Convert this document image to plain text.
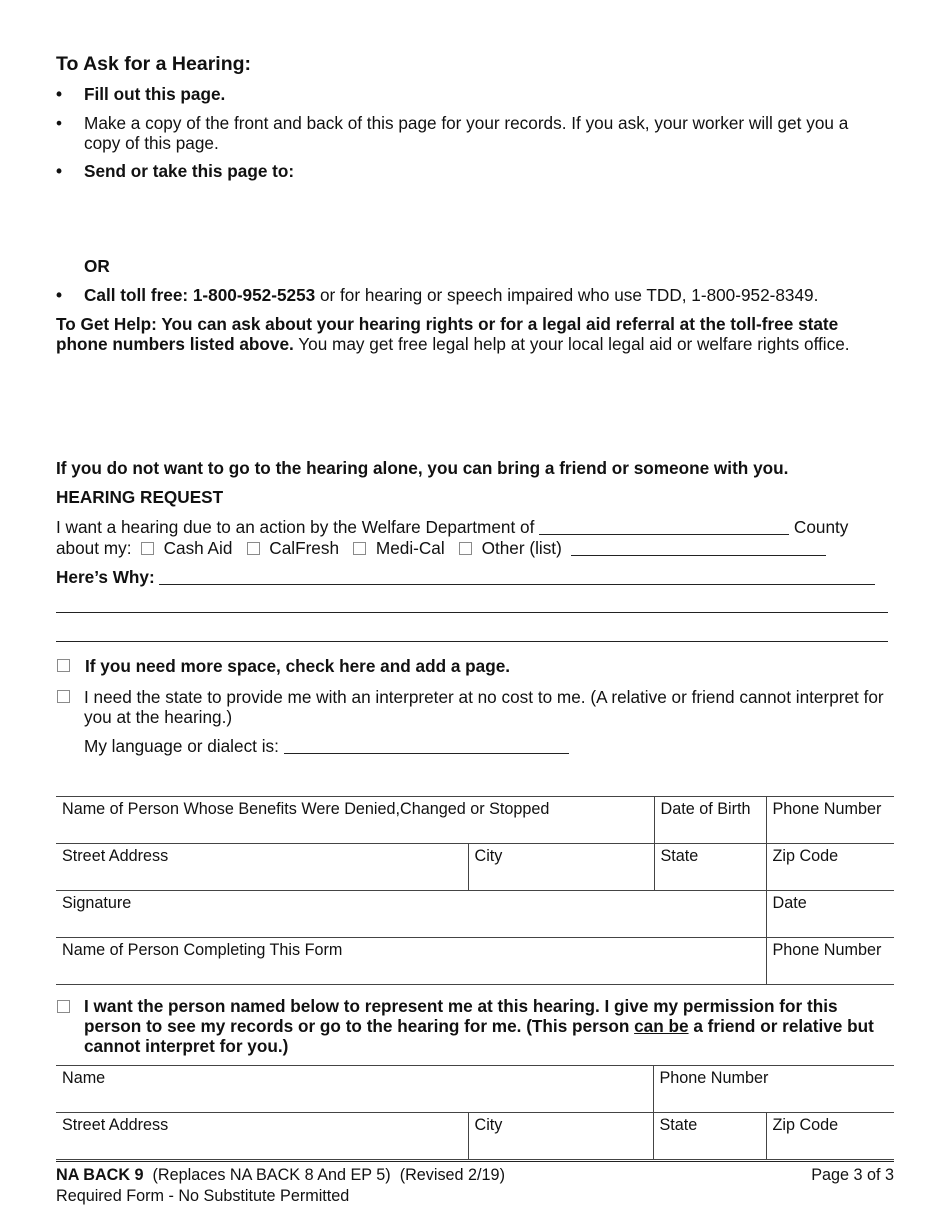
To Ask for a Hearing:
• Fill out this page.
• Make a copy of the front and back of this page for your records. If you ask, your worker will get you a copy of this page.
• Send or take this page to:
OR
• Call toll free: 1-800-952-5253 or for hearing or speech impaired who use TDD, 1-800-952-8349.
To Get Help: You can ask about your hearing rights or for a legal aid referral at the toll-free state phone numbers listed above. You may get free legal help at your local legal aid or welfare rights office.
If you do not want to go to the hearing alone, you can bring a friend or someone with you.
HEARING REQUEST
I want a hearing due to an action by the Welfare Department of	County
about my: Cash Aid CalFresh Medi-Cal Other (list)
Here’s Why:
If you need more space, check here and add a page.
I need the state to provide me with an interpreter at no cost to me. (A relative or friend cannot interpret for you at the hearing.)
My language or dialect is:
Name of Person Whose Benefits Were Denied,Changed or Stopped		Date of Birth	Phone Number
Street Address	City	State	Zip Code
Signature			Date
Name of Person Completing This Form			Phone Number
I want the person named below to represent me at this hearing. I give my permission for this person to see my records or go to the hearing for me. (This person can be a friend or relative but cannot interpret for you.)
Name		Phone Number	
Street Address	City	State	Zip Code
NA BACK 9 (Replaces NA BACK 8 And EP 5) (Revised 2/19)	Page 3 of 3
Required Form - No Substitute Permitted
